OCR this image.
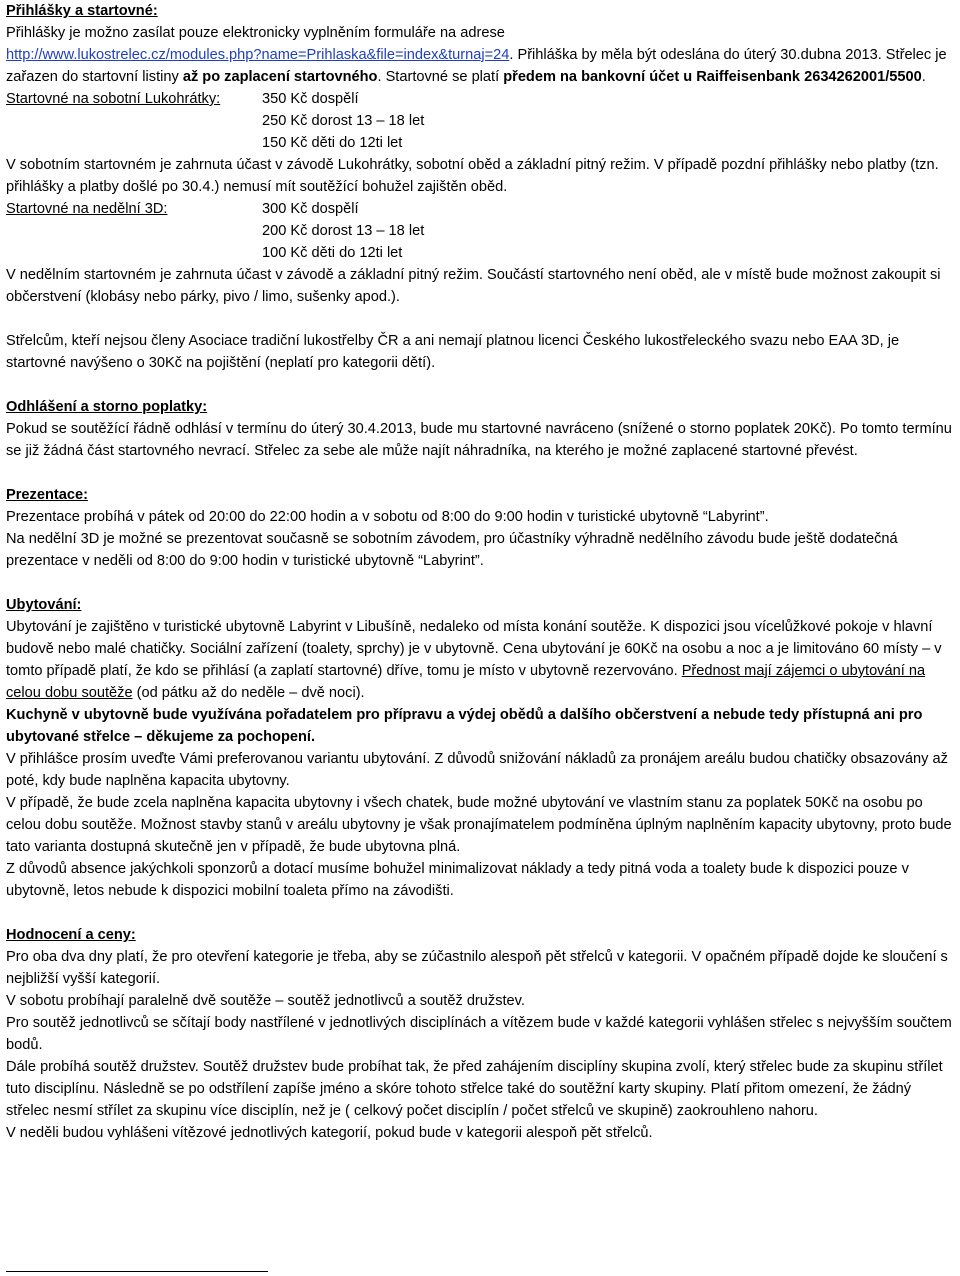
Přihlášky a startovné:

Přihlášky je možno zasílat pouze elektronicky vyplněním formuláře na adrese
http://www.lukostrelec.cz/modules.php?name=Prihlaska&file=index&turnaj=24. Přihláška by měla být odeslána do úterý 30.dubna 2013. Střelec je zařazen do startovní listiny až po zaplacení startovného. Startovné se platí předem na bankovní účet u Raiffeisenbank 2634262001/5500.

Startovné na sobotní Lukohrátky:	350 Kč dospělí
250 Kč dorost 13 – 18 let
150 Kč děti do 12ti let

V sobotním startovném je zahrnuta účast v závodě Lukohrátky, sobotní oběd a základní pitný režim. V případě pozdní přihlášky nebo platby (tzn. přihlášky a platby došlé po 30.4.) nemusí mít soutěžící bohužel zajištěn oběd.

Startovné na nedělní 3D:	300 Kč dospělí
200 Kč dorost 13 – 18 let
100 Kč děti do 12ti let

V nedělním startovném je zahrnuta účast v závodě a základní pitný režim. Součástí startovného není oběd, ale v místě bude možnost zakoupit si občerstvení (klobásy nebo párky, pivo / limo, sušenky apod.).

Střelcům, kteří nejsou členy Asociace tradiční lukostřelby ČR a ani nemají platnou licenci Českého lukostřeleckého svazu nebo EAA 3D, je startovné navýšeno o 30Kč na pojištění (neplatí pro kategorii dětí).

Odhlášení a storno poplatky:

Pokud se soutěžící řádně odhlásí v termínu do úterý 30.4.2013, bude mu startovné navráceno (snížené o storno poplatek 20Kč). Po tomto termínu se již žádná část startovného nevrací. Střelec za sebe ale může najít náhradníka, na kterého je možné zaplacené startovné převést.

Prezentace:

Prezentace probíhá v pátek od 20:00 do 22:00 hodin a v sobotu od 8:00 do 9:00 hodin v turistické ubytovně “Labyrint”.

Na nedělní 3D je možné se prezentovat současně se sobotním závodem, pro účastníky výhradně nedělního závodu bude ještě dodatečná prezentace v neděli od 8:00 do 9:00 hodin v turistické ubytovně “Labyrint”.

Ubytování:

Ubytování je zajištěno v turistické ubytovně Labyrint v Libušíně, nedaleko od místa konání soutěže. K dispozici jsou vícelůžkové pokoje v hlavní budově nebo malé chatičky. Sociální zařízení (toalety, sprchy) je v ubytovně. Cena ubytování je 60Kč na osobu a noc a je limitováno 60 místy – v tomto případě platí, že kdo se přihlásí (a zaplatí startovné) dříve, tomu je místo v ubytovně rezervováno. Přednost mají zájemci o ubytování na celou dobu soutěže (od pátku až do neděle – dvě noci).

Kuchyně v ubytovně bude využívána pořadatelem pro přípravu a výdej obědů a dalšího občerstvení a nebude tedy přístupná ani pro ubytované střelce – děkujeme za pochopení.

V přihlášce prosím uveďte Vámi preferovanou variantu ubytování. Z důvodů snižování nákladů za pronájem areálu budou chatičky obsazovány až poté, kdy bude naplněna kapacita ubytovny.

V případě, že bude zcela naplněna kapacita ubytovny i všech chatek, bude možné ubytování ve vlastním stanu za poplatek 50Kč na osobu po celou dobu soutěže. Možnost stavby stanů v areálu ubytovny je však pronajímatelem podmíněna úplným naplněním kapacity ubytovny, proto bude tato varianta dostupná skutečně jen v případě, že bude ubytovna plná.

Z důvodů absence jakýchkoli sponzorů a dotací musíme bohužel minimalizovat náklady a tedy pitná voda a toalety bude k dispozici pouze v ubytovně, letos nebude k dispozici mobilní toaleta přímo na závodišti.

Hodnocení a ceny:

Pro oba dva dny platí, že pro otevření kategorie je třeba, aby se zúčastnilo alespoň pět střelců v kategorii. V opačném případě dojde ke sloučení s nejbližší vyšší kategorií.

V sobotu probíhají paralelně dvě soutěže – soutěž jednotlivců a soutěž družstev.

Pro soutěž jednotlivců se sčítají body nastřílené v jednotlivých disciplínách a vítězem bude v každé kategorii vyhlášen střelec s nejvyšším součtem bodů.

Dále probíhá soutěž družstev. Soutěž družstev bude probíhat tak, že před zahájením disciplíny skupina zvolí, který střelec bude za skupinu střílet tuto disciplínu. Následně se po odstřílení zapíše jméno a skóre tohoto střelce také do soutěžní karty skupiny. Platí přitom omezení, že žádný střelec nesmí střílet za skupinu více disciplín, než je ( celkový počet disciplín / počet střelců ve skupině) zaokrouhleno nahoru.

V neděli budou vyhlášeni vítězové jednotlivých kategorií, pokud bude v kategorii alespoň pět střelců.
